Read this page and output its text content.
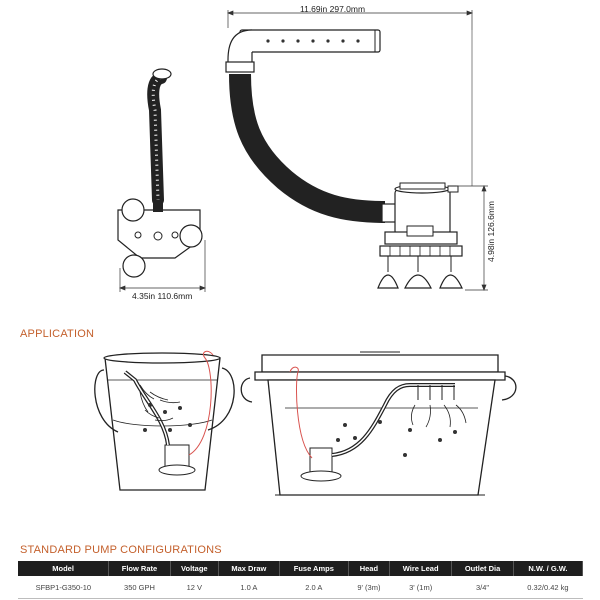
11.69in 297.0mm
4.98in 126.6mm
4.35in 110.6mm
APPLICATION
STANDARD PUMP CONFIGURATIONS
Model	Flow Rate	Voltage	Max Draw	Fuse Amps	Head	Wire Lead	Outlet Dia	N.W. / G.W.
SFBP1-G350-10	350 GPH	12 V	1.0 A	2.0 A	9' (3m)	3' (1m)	3/4"	0.32/0.42 kg
